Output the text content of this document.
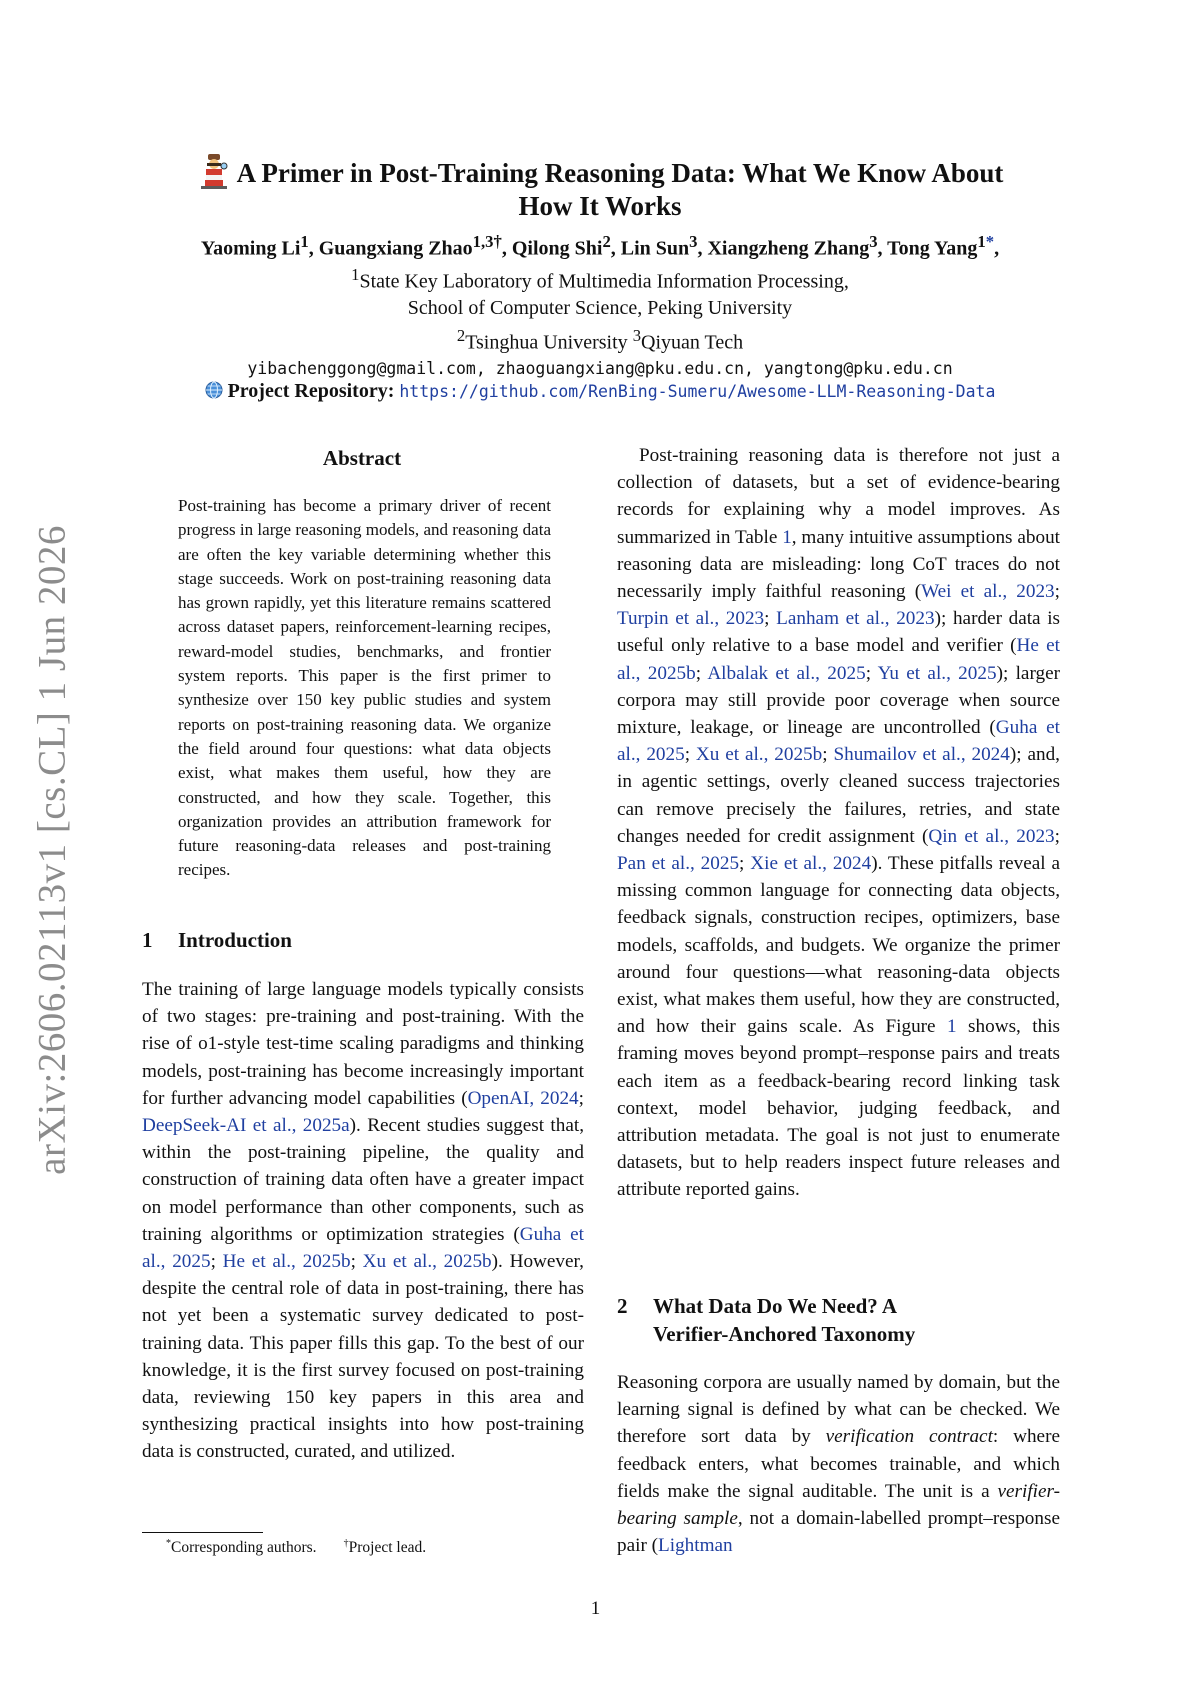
arXiv:2606.02113v1 [cs.CL] 1 Jun 2026
A Primer in Post-Training Reasoning Data: What We Know About
How It Works
Yaoming Li$^1$, Guangxiang Zhao$^{1,3\dagger}$, Qilong Shi$^2$, Lin Sun$^3$, Xiangzheng Zhang$^3$, Tong Yang$^{1*}$,
$^1$State Key Laboratory of Multimedia Information Processing,
School of Computer Science, Peking University
$^2$Tsinghua University $^3$Qiyuan Tech
yibachenggong@gmail.com, zhaoguangxiang@pku.edu.cn, yangtong@pku.edu.cn
Project Repository: https://github.com/RenBing-Sumeru/Awesome-LLM-Reasoning-Data
Abstract
Post-training has become a primary driver of recent progress in large reasoning models, and reasoning data are often the key variable determining whether this stage succeeds. Work on post-training reasoning data has grown rapidly, yet this literature remains scattered across dataset papers, reinforcement-learning recipes, reward-model studies, benchmarks, and frontier system reports. This paper is the first primer to synthesize over 150 key public studies and system reports on post-training reasoning data. We organize the field around four questions: what data objects exist, what makes them useful, how they are constructed, and how they scale. Together, this organization provides an attribution framework for future reasoning-data releases and post-training recipes.
1 Introduction

The training of large language models typically consists of two stages: pre-training and post-training. With the rise of o1-style test-time scaling paradigms and thinking models, post-training has become increasingly important for further advancing model capabilities (OpenAI, 2024; DeepSeek-AI et al., 2025a). Recent studies suggest that, within the post-training pipeline, the quality and construction of training data often have a greater impact on model performance than other components, such as training algorithms or optimization strategies (Guha et al., 2025; He et al., 2025b; Xu et al., 2025b). However, despite the central role of data in post-training, there has not yet been a systematic survey dedicated to post-training data. This paper fills this gap. To the best of our knowledge, it is the first survey focused on post-training data, reviewing 150 key papers in this area and synthesizing practical insights into how post-training data is constructed, curated, and utilized.

Post-training reasoning data is therefore not just a collection of datasets, but a set of evidence-bearing records for explaining why a model improves. As summarized in Table 1, many intuitive assumptions about reasoning data are misleading: long CoT traces do not necessarily imply faithful reasoning (Wei et al., 2023; Turpin et al., 2023; Lanham et al., 2023); harder data is useful only relative to a base model and verifier (He et al., 2025b; Albalak et al., 2025; Yu et al., 2025); larger corpora may still provide poor coverage when source mixture, leakage, or lineage are uncontrolled (Guha et al., 2025; Xu et al., 2025b; Shumailov et al., 2024); and, in agentic settings, overly cleaned success trajectories can remove precisely the failures, retries, and state changes needed for credit assignment (Qin et al., 2023; Pan et al., 2025; Xie et al., 2024). These pitfalls reveal a missing common language for connecting data objects, feedback signals, construction recipes, optimizers, base models, scaffolds, and budgets. We organize the primer around four questions—what reasoning-data objects exist, what makes them useful, how they are constructed, and how their gains scale. As Figure 1 shows, this framing moves beyond prompt–response pairs and treats each item as a feedback-bearing record linking task context, model behavior, judging feedback, and attribution metadata. The goal is not just to enumerate datasets, but to help readers inspect future releases and attribute reported gains.

2 What Data Do We Need? A
Verifier-Anchored Taxonomy

Reasoning corpora are usually named by domain, but the learning signal is defined by what can be checked. We therefore sort data by verification contract: where feedback enters, what becomes trainable, and which fields make the signal auditable. The unit is a verifier-bearing sample, not a domain-labelled prompt–response pair (Lightman

*Corresponding authors.	†Project lead.
1
